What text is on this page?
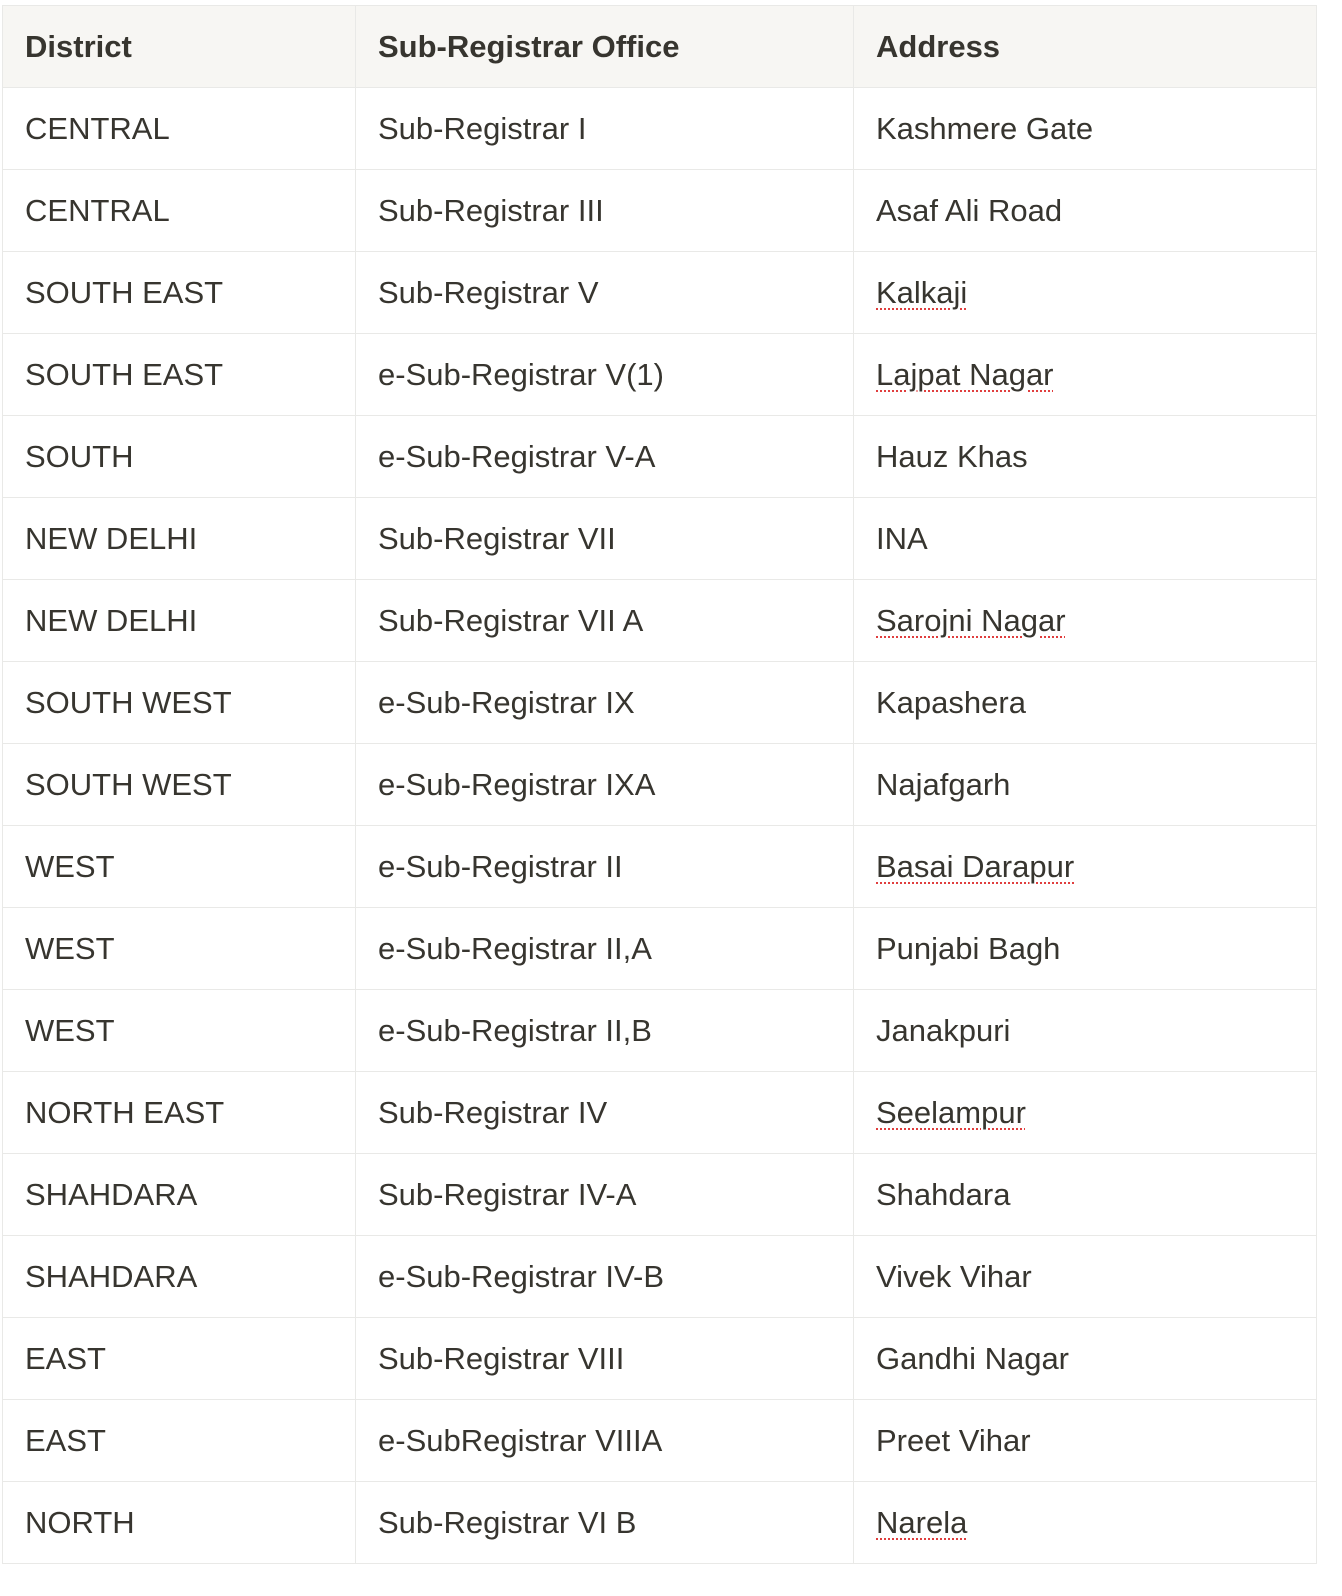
District	Sub-Registrar Office	Address
CENTRAL	Sub-Registrar I	Kashmere Gate
CENTRAL	Sub-Registrar III	Asaf Ali Road
SOUTH EAST	Sub-Registrar V	Kalkaji
SOUTH EAST	e-Sub-Registrar V(1)	Lajpat Nagar
SOUTH	e-Sub-Registrar V-A	Hauz Khas
NEW DELHI	Sub-Registrar VII	INA
NEW DELHI	Sub-Registrar VII A	Sarojni Nagar
SOUTH WEST	e-Sub-Registrar IX	Kapashera
SOUTH WEST	e-Sub-Registrar IXA	Najafgarh
WEST	e-Sub-Registrar II	Basai Darapur
WEST	e-Sub-Registrar II,A	Punjabi Bagh
WEST	e-Sub-Registrar II,B	Janakpuri
NORTH EAST	Sub-Registrar IV	Seelampur
SHAHDARA	Sub-Registrar IV-A	Shahdara
SHAHDARA	e-Sub-Registrar IV-B	Vivek Vihar
EAST	Sub-Registrar VIII	Gandhi Nagar
EAST	e-SubRegistrar VIIIA	Preet Vihar
NORTH	Sub-Registrar VI B	Narela
